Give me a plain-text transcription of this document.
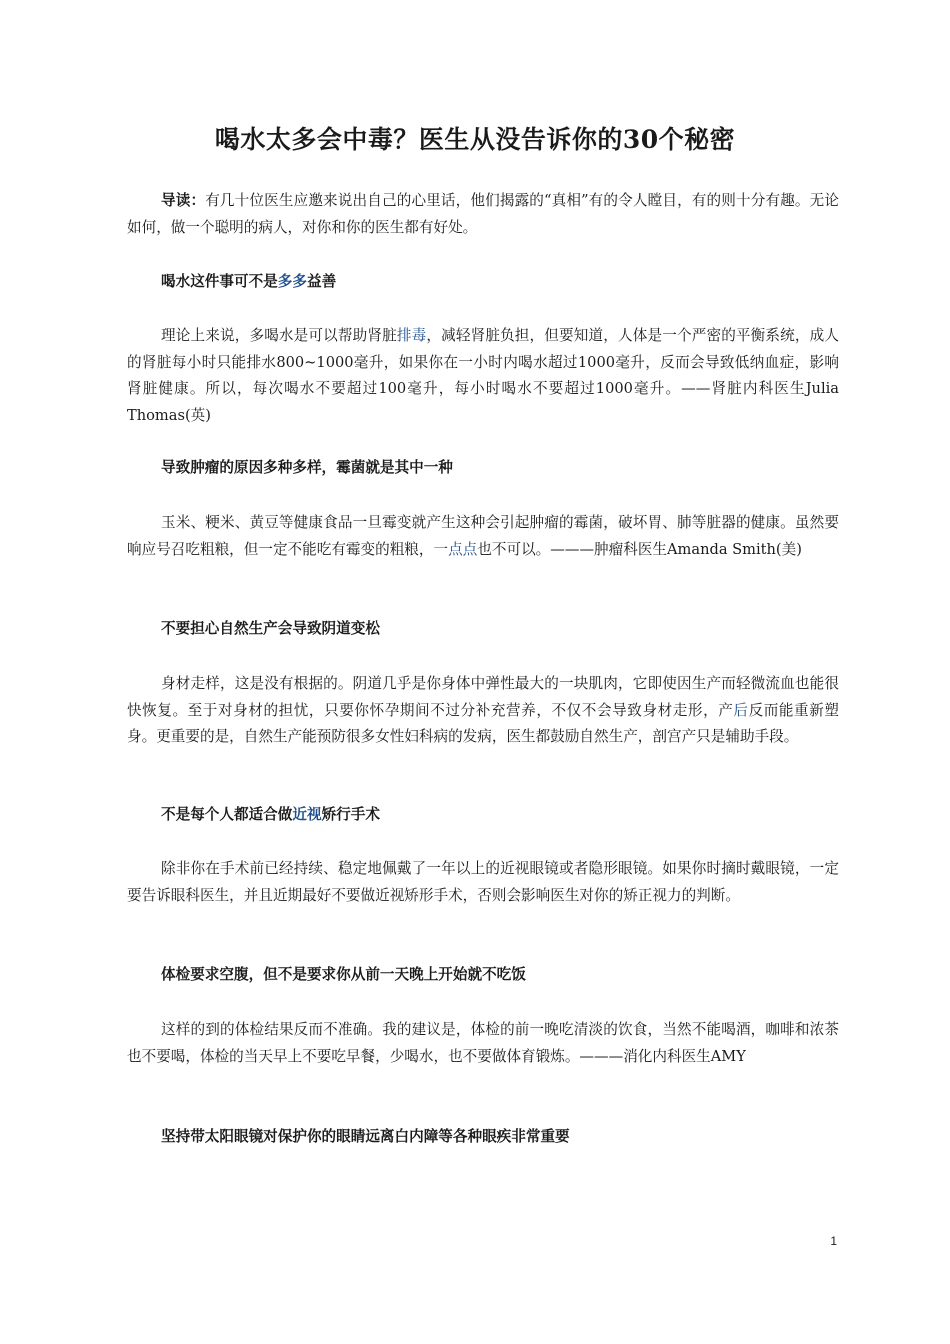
喝水太多会中毒？医生从没告诉你的30个秘密

导读：有几十位医生应邀来说出自己的心里话，他们揭露的“真相”有的令人瞠目，有的则十分有趣。无论如何，做一个聪明的病人，对你和你的医生都有好处。

喝水这件事可不是多多益善

理论上来说，多喝水是可以帮助肾脏排毒，减轻肾脏负担，但要知道，人体是一个严密的平衡系统，成人的肾脏每小时只能排水800~1000毫升，如果你在一小时内喝水超过1000毫升，反而会导致低纳血症，影响肾脏健康。所以，每次喝水不要超过100毫升，每小时喝水不要超过1000毫升。——肾脏内科医生Julia Thomas(英)

导致肿瘤的原因多种多样，霉菌就是其中一种

玉米、粳米、黄豆等健康食品一旦霉变就产生这种会引起肿瘤的霉菌，破坏胃、肺等脏器的健康。虽然要响应号召吃粗粮，但一定不能吃有霉变的粗粮，一点点也不可以。———肿瘤科医生Amanda Smith(美)

不要担心自然生产会导致阴道变松

身材走样，这是没有根据的。阴道几乎是你身体中弹性最大的一块肌肉，它即使因生产而轻微流血也能很快恢复。至于对身材的担忧，只要你怀孕期间不过分补充营养，不仅不会导致身材走形，产后反而能重新塑身。更重要的是，自然生产能预防很多女性妇科病的发病，医生都鼓励自然生产，剖宫产只是辅助手段。

不是每个人都适合做近视矫行手术

除非你在手术前已经持续、稳定地佩戴了一年以上的近视眼镜或者隐形眼镜。如果你时摘时戴眼镜，一定要告诉眼科医生，并且近期最好不要做近视矫形手术，否则会影响医生对你的矫正视力的判断。

体检要求空腹，但不是要求你从前一天晚上开始就不吃饭

这样的到的体检结果反而不准确。我的建议是，体检的前一晚吃清淡的饮食，当然不能喝酒，咖啡和浓茶也不要喝，体检的当天早上不要吃早餐，少喝水，也不要做体育锻炼。———消化内科医生AMY

坚持带太阳眼镜对保护你的眼睛远离白内障等各种眼疾非常重要
1
